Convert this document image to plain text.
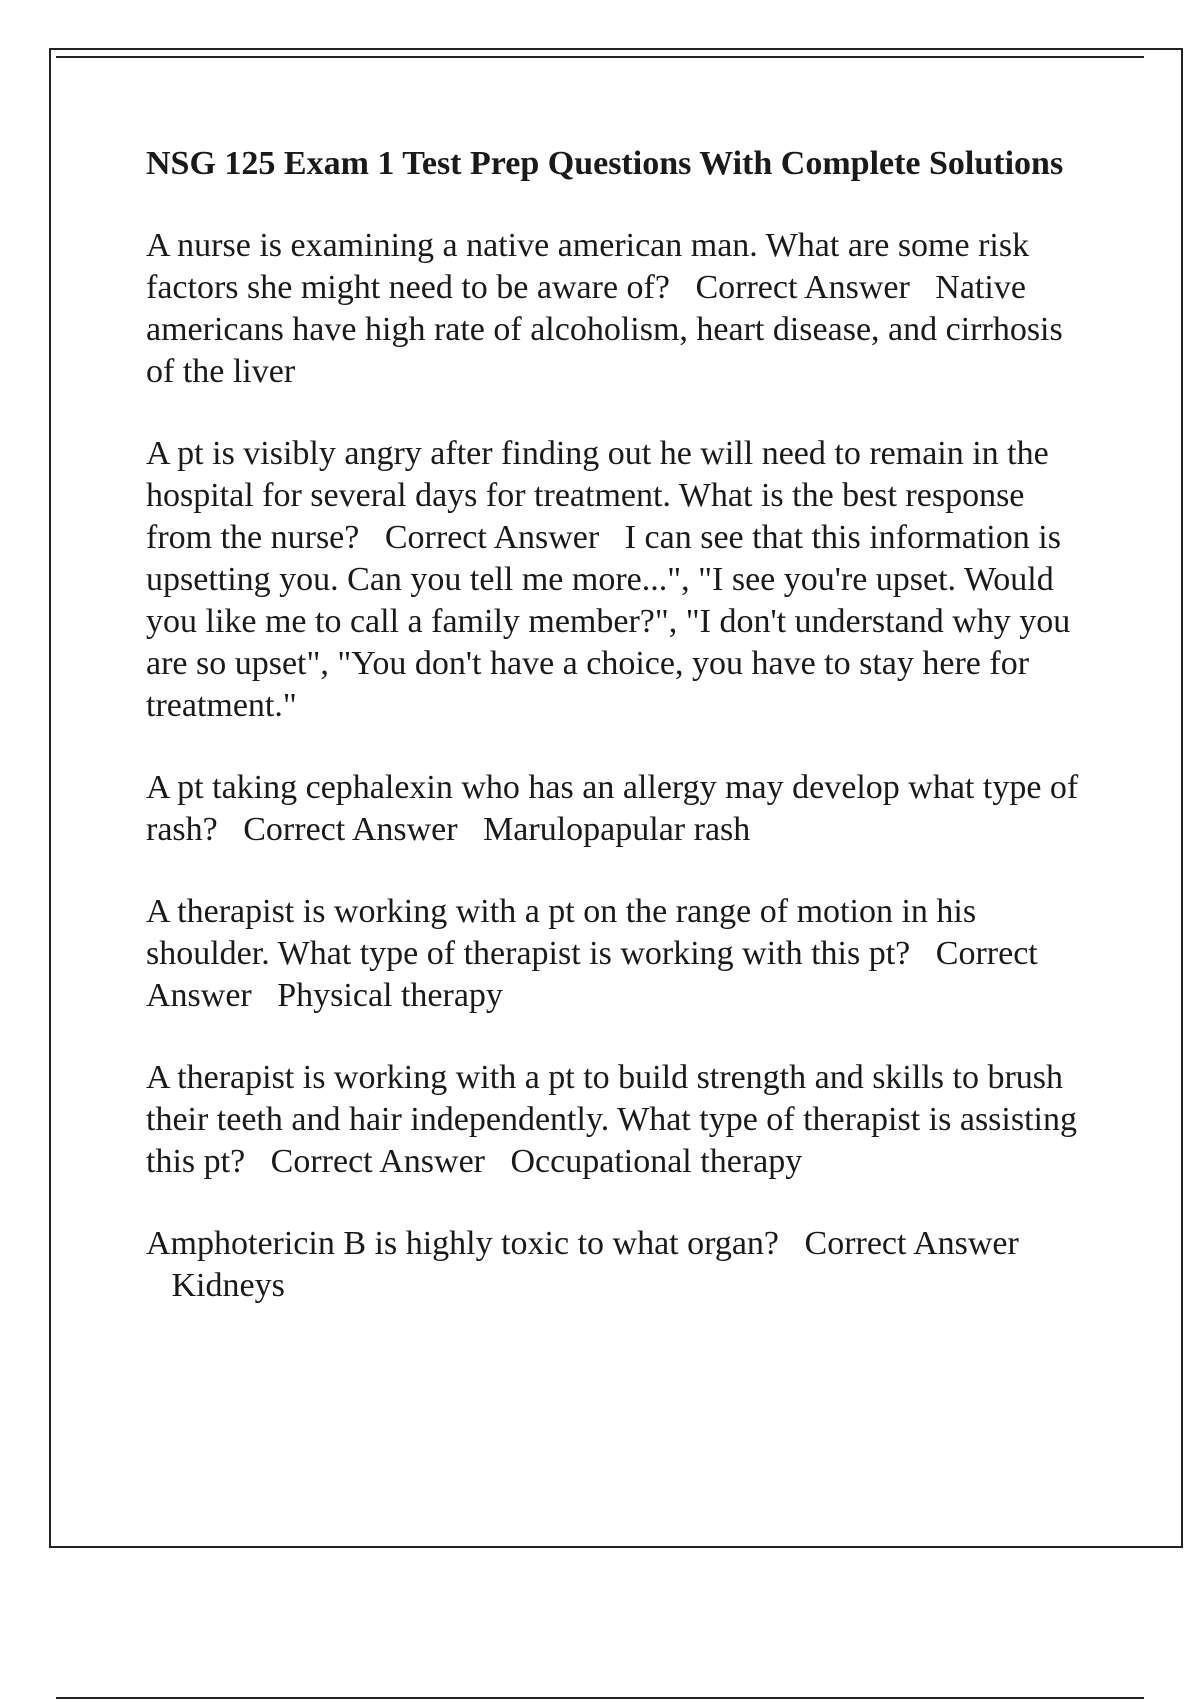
NSG 125 Exam 1 Test Prep Questions With Complete Solutions

A nurse is examining a native american man. What are some risk factors she might need to be aware of? Correct Answer Native americans have high rate of alcoholism, heart disease, and cirrhosis of the liver

A pt is visibly angry after finding out he will need to remain in the hospital for several days for treatment. What is the best response from the nurse? Correct Answer I can see that this information is upsetting you. Can you tell me more...", "I see you're upset. Would you like me to call a family member?", "I don't understand why you are so upset", "You don't have a choice, you have to stay here for treatment."

A pt taking cephalexin who has an allergy may develop what type of rash? Correct Answer Marulopapular rash

A therapist is working with a pt on the range of motion in his shoulder. What type of therapist is working with this pt? Correct Answer Physical therapy

A therapist is working with a pt to build strength and skills to brush their teeth and hair independently. What type of therapist is assisting this pt? Correct Answer Occupational therapy

Amphotericin B is highly toxic to what organ? Correct Answer   Kidneys
